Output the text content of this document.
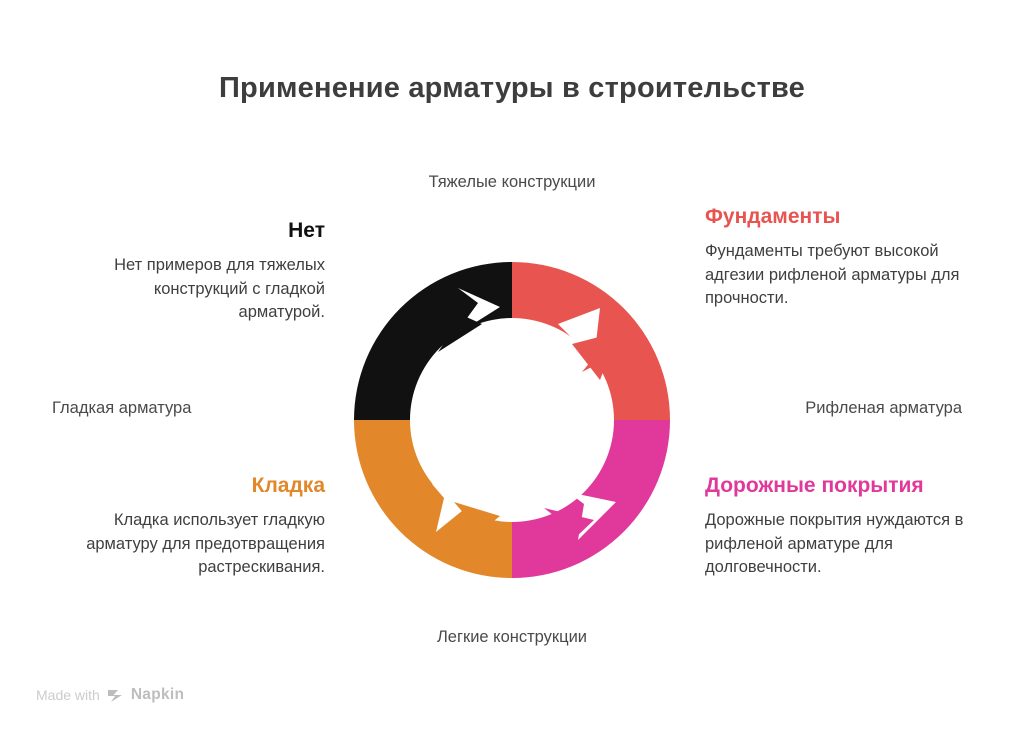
Применение арматуры в строительстве
Тяжелые конструкции
Легкие конструкции
Гладкая арматура	Рифленая арматура
Нет
Нет примеров для тяжелых конструкций с гладкой арматурой.
Фундаменты
Фундаменты требуют высокой адгезии рифленой арматуры для прочности.
Кладка
Кладка использует гладкую арматуру для предотвращения растрескивания.
Дорожные покрытия
Дорожные покрытия нуждаются в рифленой арматуре для долговечности.
Made with Napkin
